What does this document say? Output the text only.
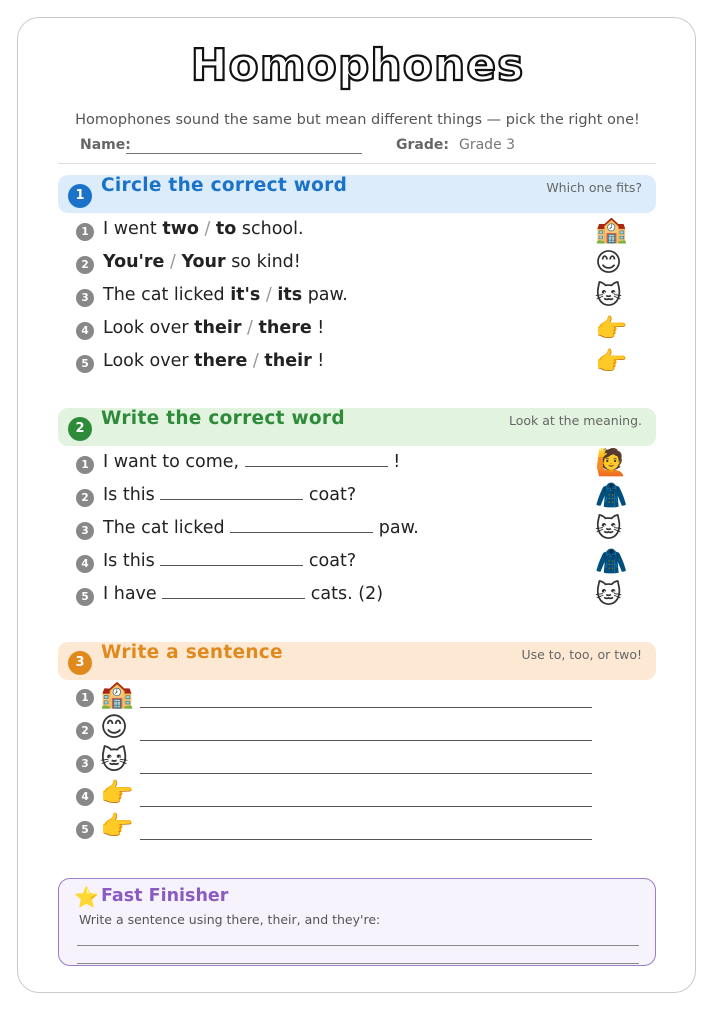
Homophones
Homophones sound the same but mean different things — pick the right one!
Name:	Grade: Grade 3
1 Circle the correct word	Which one fits?
1 I went two / to school.	🏫
2 You're / Your so kind!	😊
3 The cat licked it's / its paw.	🐱
4 Look over their / there !	👉
5 Look over there / their !	👉
2 Write the correct word	Look at the meaning.
1 I want to come,	!	🙋
2 Is this	coat?	🧥
3 The cat licked	paw.	🐱
4 Is this	coat?	🧥
5 I have	cats. (2)	🐱
3 Write a sentence	Use to, too, or two!
1 🏫
2 😊
3 🐱
4 👉
5 👉
⭐ Fast Finisher
Write a sentence using there, their, and they're:
